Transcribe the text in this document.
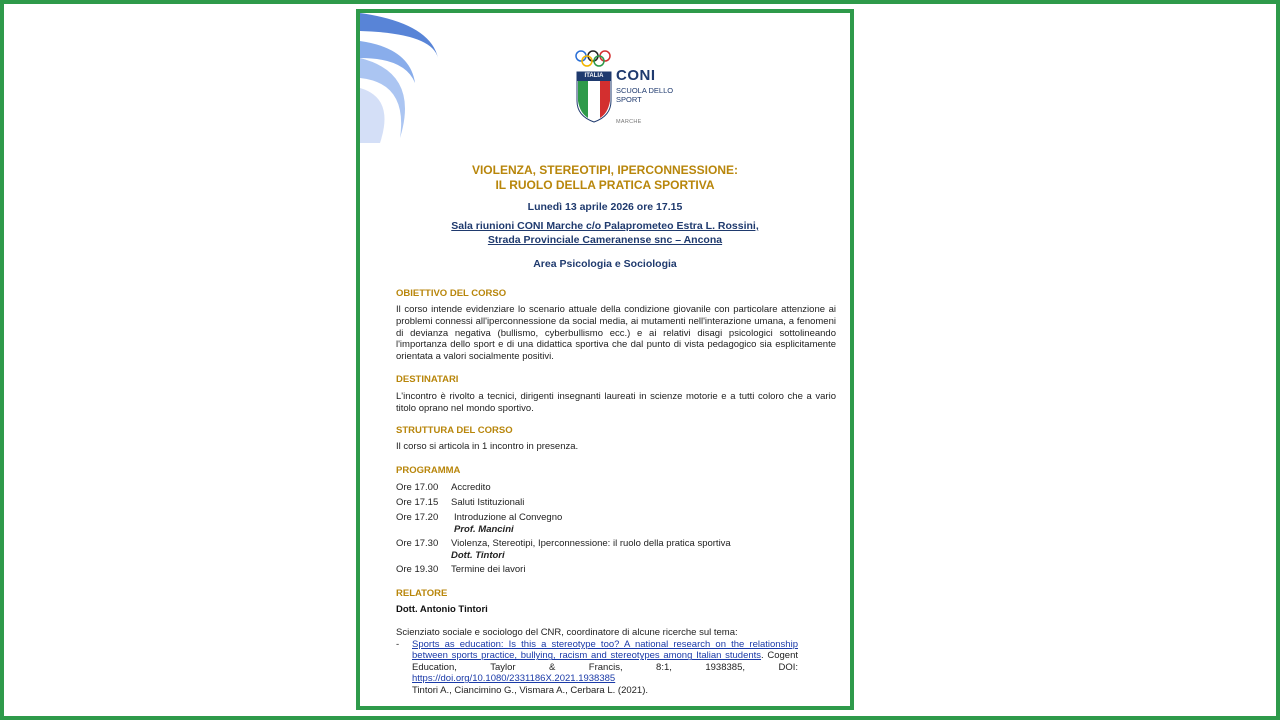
ITALIA CONI
SCUOLA DELLO SPORT
MARCHE
VIOLENZA, STEREOTIPI, IPERCONNESSIONE:
IL RUOLO DELLA PRATICA SPORTIVA
Lunedì 13 aprile 2026 ore 17.15
Sala riunioni CONI Marche c/o Palaprometeo Estra L. Rossini,
Strada Provinciale Cameranense snc – Ancona
Area Psicologia e Sociologia
OBIETTIVO DEL CORSO
Il corso intende evidenziare lo scenario attuale della condizione giovanile con particolare attenzione ai problemi connessi all'iperconnessione da social media, ai mutamenti nell'interazione umana, a fenomeni di devianza negativa (bullismo, cyberbullismo ecc.) e ai relativi disagi psicologici sottolineando l'importanza dello sport e di una didattica sportiva che dal punto di vista pedagogico sia esplicitamente orientata a valori socialmente positivi.
DESTINATARI
L'incontro è rivolto a tecnici, dirigenti insegnanti laureati in scienze motorie e a tutti coloro che a vario titolo oprano nel mondo sportivo.
STRUTTURA DEL CORSO
Il corso si articola in 1 incontro in presenza.
PROGRAMMA
Ore 17.00	Accredito
Ore 17.15	Saluti Istituzionali
Ore 17.20	Introduzione al Convegno
Prof. Mancini
Ore 17.30	Violenza, Stereotipi, Iperconnessione: il ruolo della pratica sportiva
Dott. Tintori
Ore 19.30	Termine dei lavori
RELATORE
Dott. Antonio Tintori
Scienziato sociale e sociologo del CNR, coordinatore di alcune ricerche sul tema:
- Sports as education: Is this a stereotype too? A national research on the relationship between sports practice, bullying, racism and stereotypes among Italian students. Cogent Education, Taylor & Francis, 8:1, 1938385, DOI: https://doi.org/10.1080/2331186X.2021.1938385
Tintori A., Ciancimino G., Vismara A., Cerbara L. (2021).
